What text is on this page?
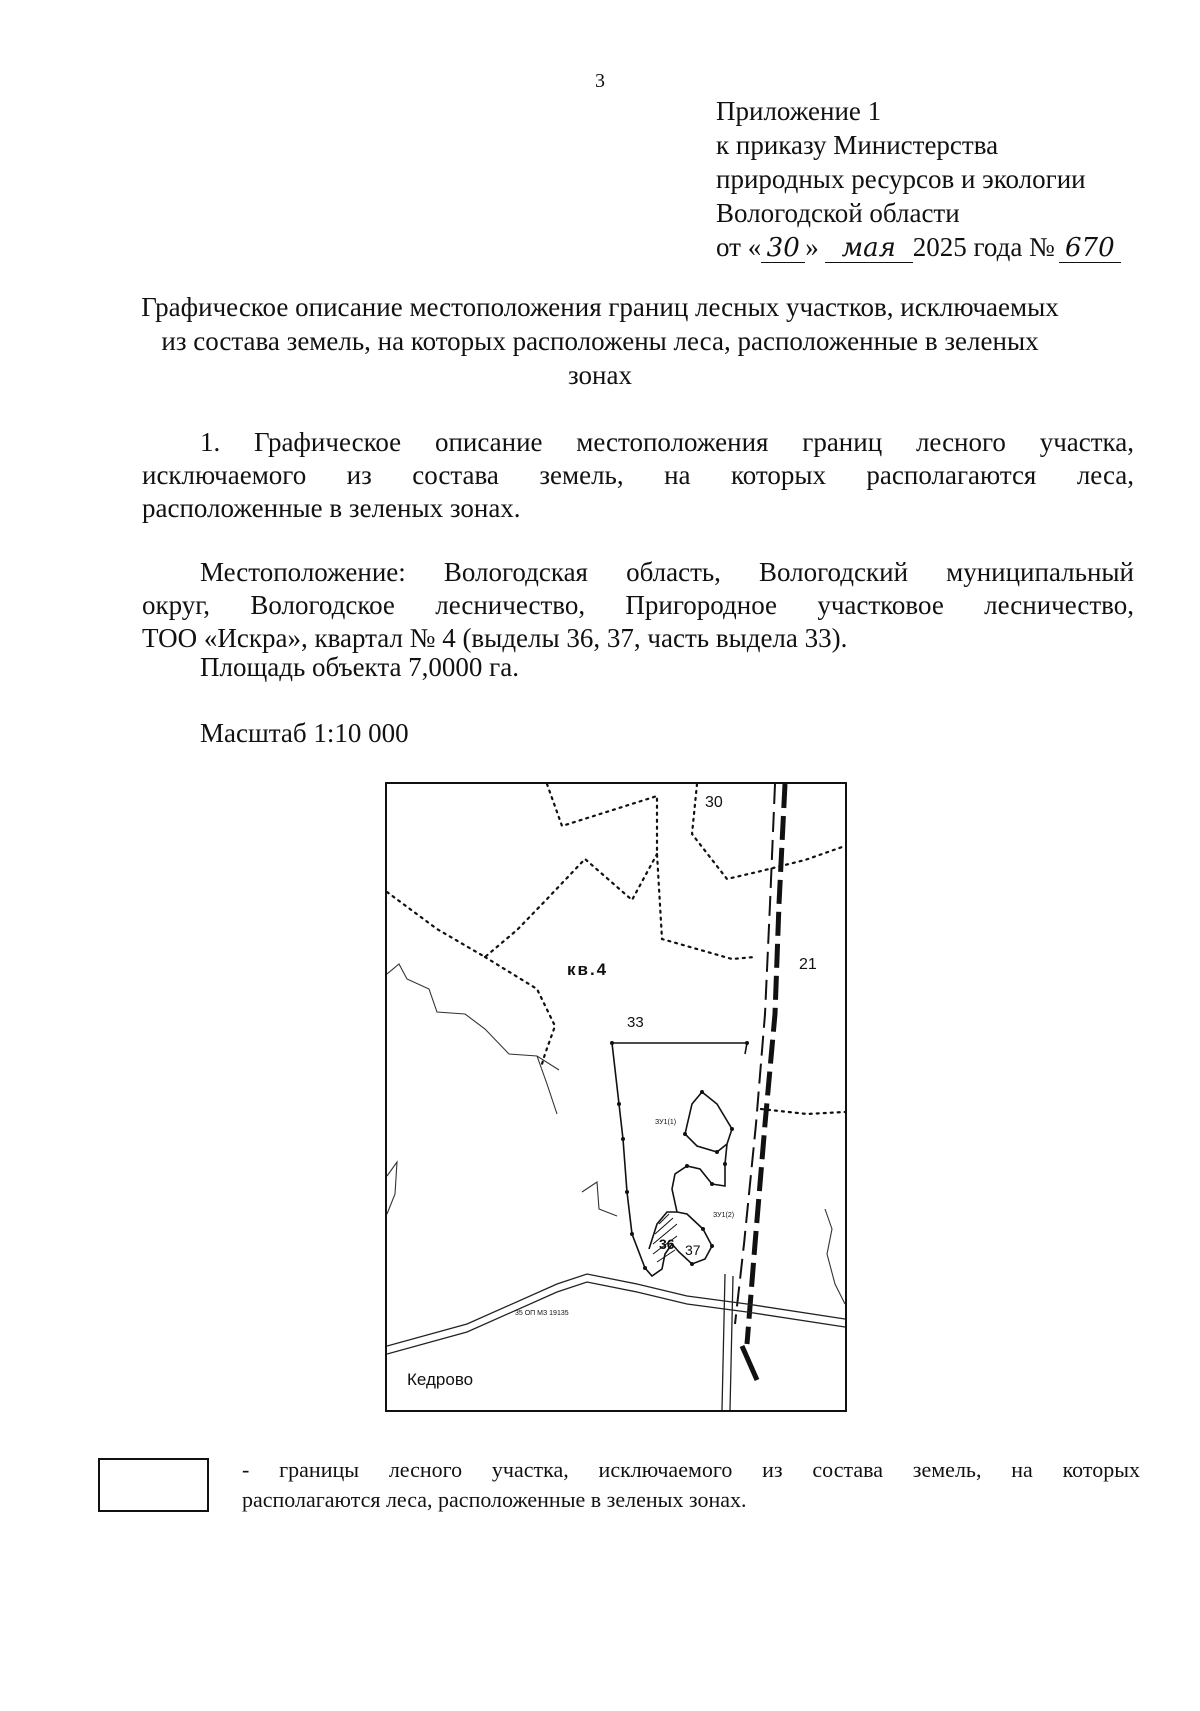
3
Приложение 1
к приказу Министерства
природных ресурсов и экологии
Вологодской области
от « 30 » мая 2025 года № 670
Графическое описание местоположения границ лесных участков, исключаемых
из состава земель, на которых расположены леса, расположенные в зеленых
зонах
1. Графическое описание местоположения границ лесного участка,
исключаемого из состава земель, на которых располагаются леса,
расположенные в зеленых зонах.
Местоположение: Вологодская область, Вологодский муниципальный
округ, Вологодское лесничество, Пригородное участковое лесничество,
ТОО «Искра», квартал № 4 (выделы 36, 37, часть выдела 33).
Площадь объекта 7,0000 га.
Масштаб 1:10 000
30
21
кв.4
33
ЗУ1(1)
ЗУ1(2)
36 37
35 ОП МЗ 19135
Кедрово
- границы лесного участка, исключаемого из состава земель, на которых
располагаются леса, расположенные в зеленых зонах.
